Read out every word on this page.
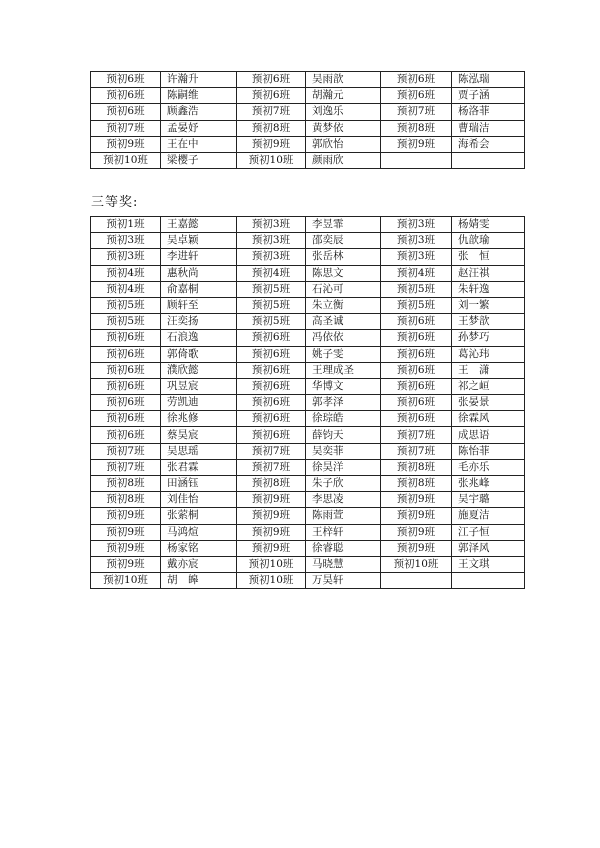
预初6班	许瀚升	预初6班	吴雨歆	预初6班	陈泓瑞
预初6班	陈嗣维	预初6班	胡瀚元	预初6班	贾子涵
预初6班	顾鑫浩	预初7班	刘逸乐	预初7班	杨洛菲
预初7班	孟晏妤	预初8班	黄梦依	预初8班	曹瑞洁
预初9班	王在中	预初9班	郭欣怡	预初9班	海希会
预初10班	梁樱子	预初10班	颜雨欣		
三等奖:
预初1班	王嘉懿	预初3班	李昱霏	预初3班	杨婧雯
预初3班	吴卓颖	预初3班	邵奕辰	预初3班	仇歆瑜
预初3班	李进轩	预初3班	张岳林	预初3班	张　恒
预初4班	惠秋尚	预初4班	陈思文	预初4班	赵汪祺
预初4班	俞嘉桐	预初5班	石沁可	预初5班	朱轩逸
预初5班	顾轩至	预初5班	朱立衡	预初5班	刘一繁
预初5班	汪奕扬	预初5班	高圣诚	预初6班	王梦歆
预初6班	石浪逸	预初6班	冯依依	预初6班	孙梦巧
预初6班	郭倚歌	预初6班	姚子雯	预初6班	葛沁玮
预初6班	濮欣懿	预初6班	王理成圣	预初6班	王　潇
预初6班	巩昱宸	预初6班	华博文	预初6班	祁之峘
预初6班	劳凯迪	预初6班	郭孝泽	预初6班	张晏景
预初6班	徐兆修	预初6班	徐琮皓	预初6班	徐霖风
预初6班	蔡昊宸	预初6班	薛钧天	预初7班	成思语
预初7班	吴思瑶	预初7班	吴奕菲	预初7班	陈怡菲
预初7班	张君霖	预初7班	徐昊洋	预初8班	毛亦乐
预初8班	田涵钰	预初8班	朱子欣	预初8班	张兆峰
预初8班	刘佳怡	预初9班	李思凌	预初9班	吴宇璐
预初9班	张萦桐	预初9班	陈雨萱	预初9班	施夏洁
预初9班	马鸿煊	预初9班	王梓轩	预初9班	江子恒
预初9班	杨家铭	预初9班	徐睿聪	预初9班	郭泽风
预初9班	戴亦宸	预初10班	马晓慧	预初10班	王文琪
预初10班	胡　皞	预初10班	万昊轩		
